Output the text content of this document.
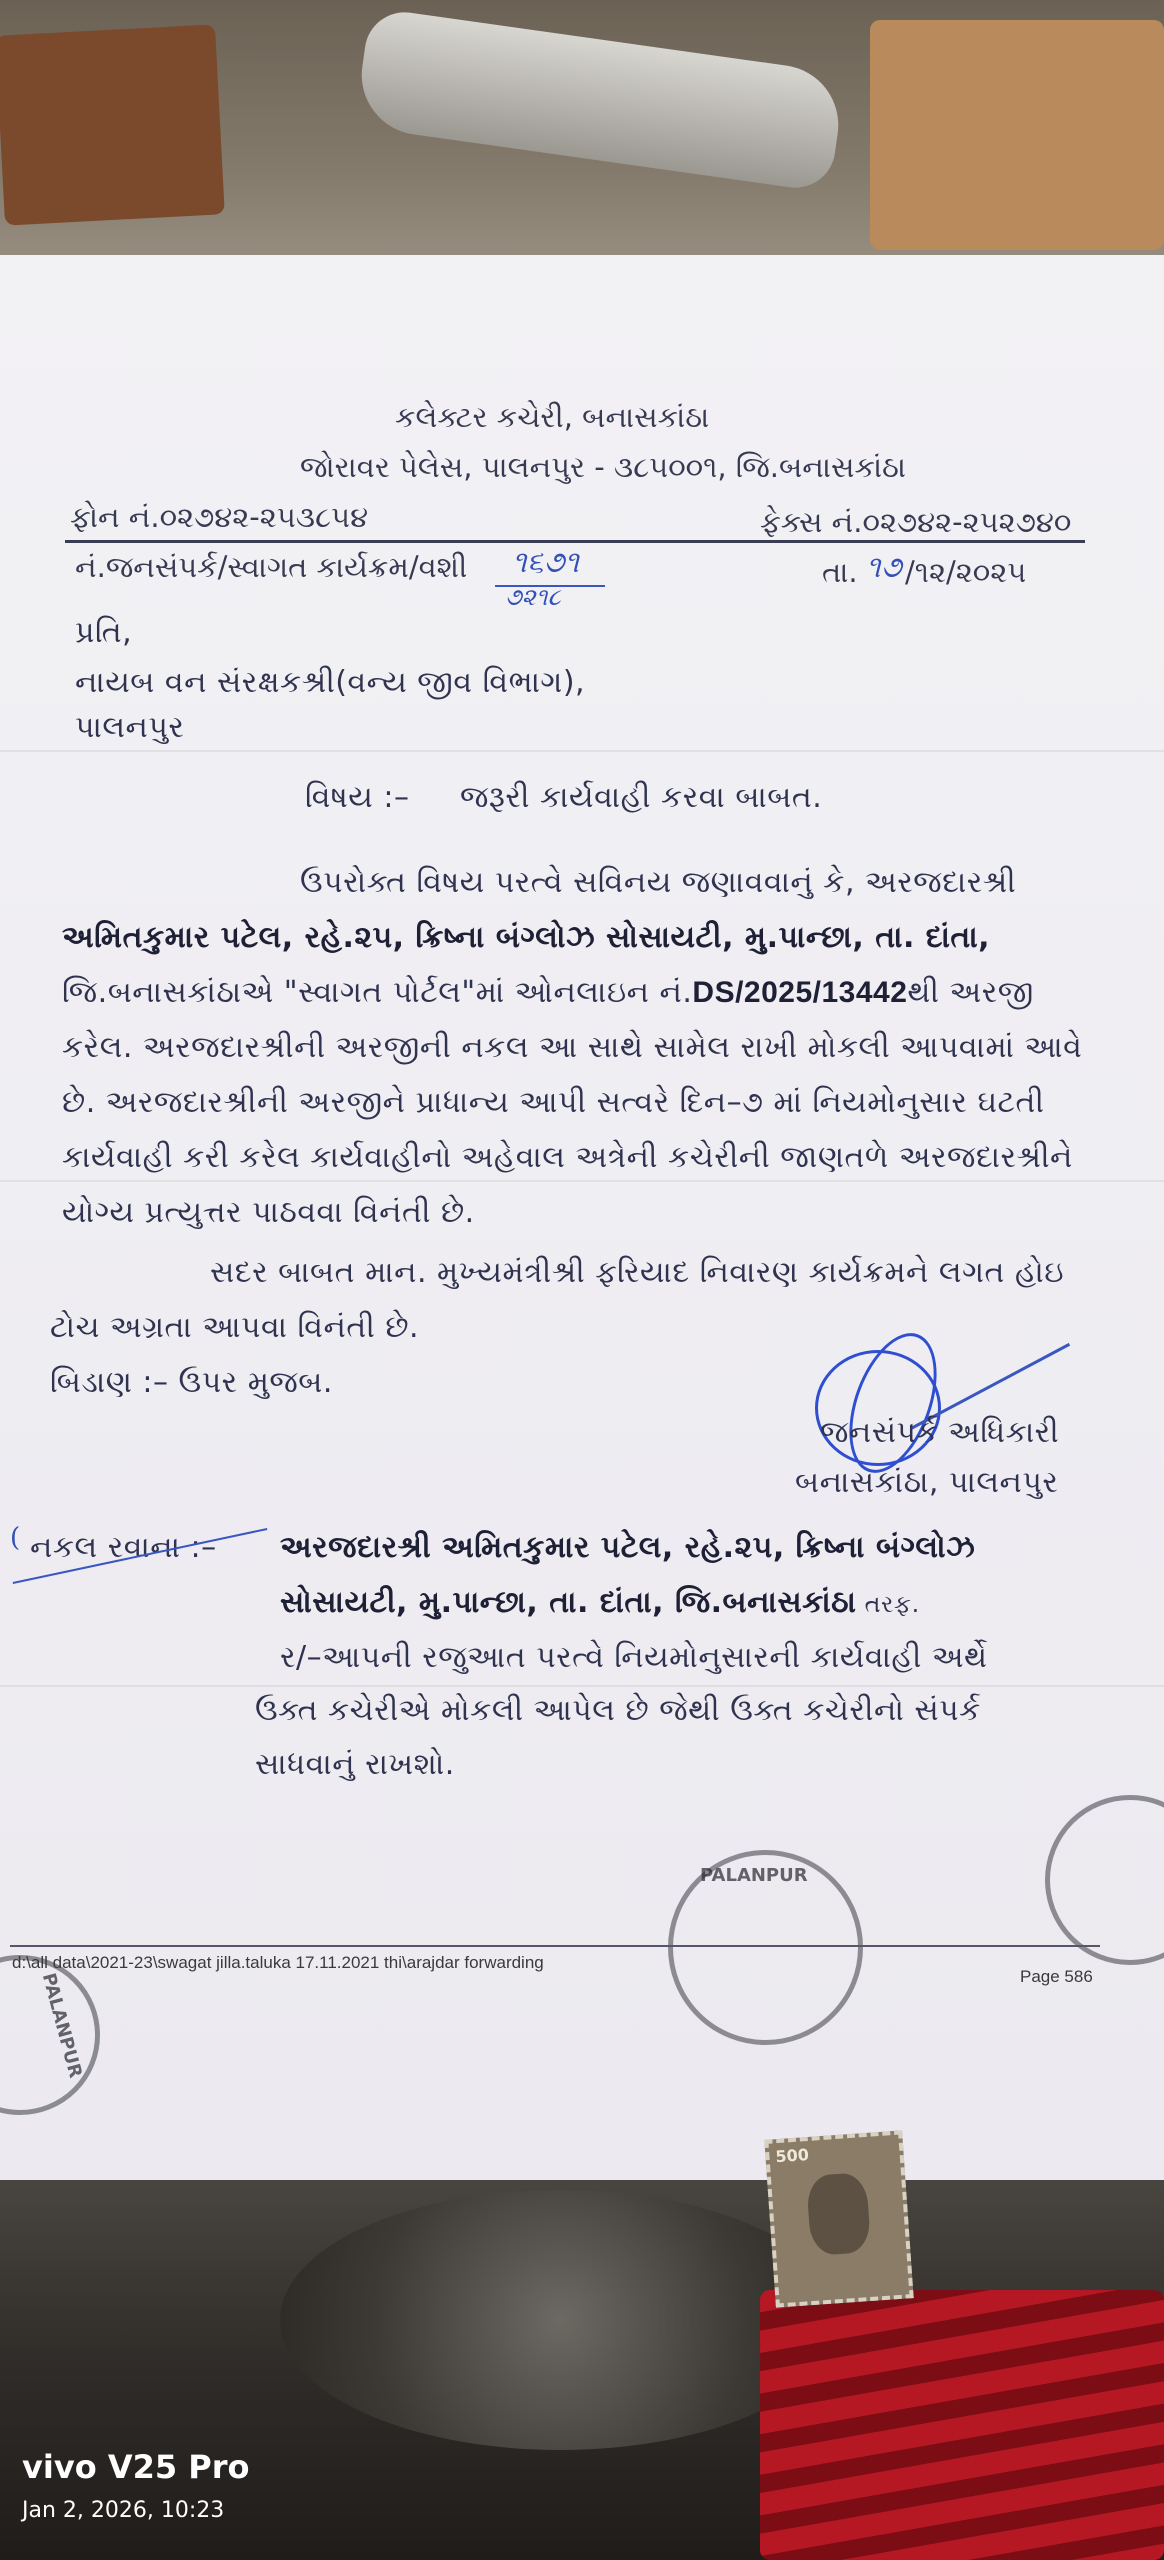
કલેક્ટર કચેરી, બનાસકાંઠા
જોરાવર પેલેસ, પાલનપુર - ૩૮૫૦૦૧, જિ.બનાસકાંઠા
ફોન નં.૦૨૭૪૨-૨૫૩૮૫૪	ફેક્સ નં.૦૨૭૪૨-૨૫૨૭૪૦
નં.જનસંપર્ક/સ્વાગત કાર્યક્રમ/વશી ૧૬૭૧
૭૨૧૮
તા. ૧૭ /૧૨/૨૦૨૫
પ્રતિ,
નાયબ વન સંરક્ષકશ્રી(વન્ય જીવ વિભાગ),
પાલનપુર
વિષય :– જરૂરી કાર્યવાહી કરવા બાબત.
ઉપરોક્ત વિષય પરત્વે સવિનય જણાવવાનું કે, અરજદારશ્રી
અમિતકુમાર પટેલ, રહે.૨૫, ક્રિષ્ના બંગ્લોઝ સોસાયટી, મુ.પાન્છા, તા. દાંતા,
જિ.બનાસકાંઠાએ "સ્વાગત પોર્ટલ"માં ઓનલાઇન નં.DS/2025/13442થી અરજી
કરેલ. અરજદારશ્રીની અરજીની નકલ આ સાથે સામેલ રાખી મોકલી આપવામાં આવે
છે. અરજદારશ્રીની અરજીને પ્રાધાન્ય આપી સત્વરે દિન–૭ માં નિયમોનુસાર ઘટતી
કાર્યવાહી કરી કરેલ કાર્યવાહીનો અહેવાલ અત્રેની કચેરીની જાણતળે અરજદારશ્રીને
યોગ્ય પ્રત્યુત્તર પાઠવવા વિનંતી છે.
સદર બાબત માન. મુખ્યમંત્રીશ્રી ફરિયાદ નિવારણ કાર્યક્રમને લગત હોઇ
ટોચ અગ્રતા આપવા વિનંતી છે.
બિડાણ :– ઉપર મુજબ.
જનસંપર્ક અધિકારી
બનાસકાંઠા, પાલનપુર
( નકલ રવાના :– અરજદારશ્રી અમિતકુમાર પટેલ, રહે.૨૫, ક્રિષ્ના બંગ્લોઝ
સોસાયટી, મુ.પાન્છા, તા. દાંતા, જિ.બનાસકાંઠા તરફ.
ર/–આપની રજુઆત પરત્વે નિયમોનુસારની કાર્યવાહી અર્થે
ઉક્ત કચેરીએ મોકલી આપેલ છે જેથી ઉક્ત કચેરીનો સંપર્ક
સાધવાનું રાખશો.
PALANPUR
PALANPUR
500
d:\all data\2021-23\swagat jilla.taluka 17.11.2021 thi\arajdar forwarding
Page 586
vivo V25 Pro
Jan 2, 2026, 10:23
